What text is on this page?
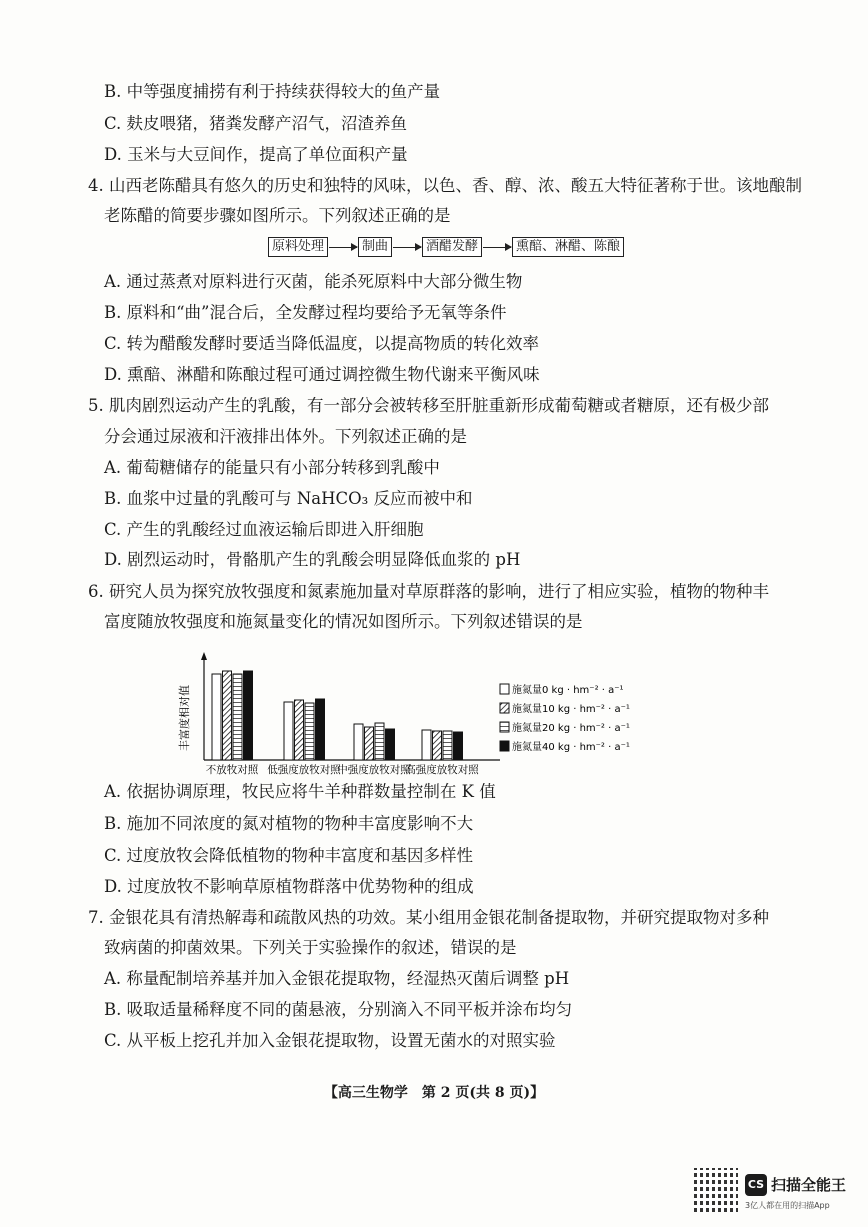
B. 中等强度捕捞有利于持续获得较大的鱼产量
C. 麸皮喂猪，猪粪发酵产沼气，沼渣养鱼
D. 玉米与大豆间作，提高了单位面积产量
4. 山西老陈醋具有悠久的历史和独特的风味，以色、香、醇、浓、酸五大特征著称于世。该地酿制
老陈醋的简要步骤如图所示。下列叙述正确的是
原料处理	制曲	酒醋发酵	熏醅、淋醋、陈酿
A. 通过蒸煮对原料进行灭菌，能杀死原料中大部分微生物
B. 原料和“曲”混合后，全发酵过程均要给予无氧等条件
C. 转为醋酸发酵时要适当降低温度，以提高物质的转化效率
D. 熏醅、淋醋和陈酿过程可通过调控微生物代谢来平衡风味
5. 肌肉剧烈运动产生的乳酸，有一部分会被转移至肝脏重新形成葡萄糖或者糖原，还有极少部
分会通过尿液和汗液排出体外。下列叙述正确的是
A. 葡萄糖储存的能量只有小部分转移到乳酸中
B. 血浆中过量的乳酸可与 NaHCO₃ 反应而被中和
C. 产生的乳酸经过血液运输后即进入肝细胞
D. 剧烈运动时，骨骼肌产生的乳酸会明显降低血浆的 pH
6. 研究人员为探究放牧强度和氮素施加量对草原群落的影响，进行了相应实验，植物的物种丰
富度随放牧强度和施氮量变化的情况如图所示。下列叙述错误的是
丰富度相对值
不放牧对照 低强度放牧对照
中强度放牧对照
高强度放牧对照
施氮量0 kg · hm⁻² · a⁻¹
施氮量10 kg · hm⁻² · a⁻¹
施氮量20 kg · hm⁻² · a⁻¹
施氮量40 kg · hm⁻² · a⁻¹
A. 依据协调原理，牧民应将牛羊种群数量控制在 K 值
B. 施加不同浓度的氮对植物的物种丰富度影响不大
C. 过度放牧会降低植物的物种丰富度和基因多样性
D. 过度放牧不影响草原植物群落中优势物种的组成
7. 金银花具有清热解毒和疏散风热的功效。某小组用金银花制备提取物，并研究提取物对多种
致病菌的抑菌效果。下列关于实验操作的叙述，错误的是
A. 称量配制培养基并加入金银花提取物，经湿热灭菌后调整 pH
B. 吸取适量稀释度不同的菌悬液，分别滴入不同平板并涂布均匀
C. 从平板上挖孔并加入金银花提取物，设置无菌水的对照实验
【高三生物学　第 2 页(共 8 页)】
CS 扫描全能王
3亿人都在用的扫描App
